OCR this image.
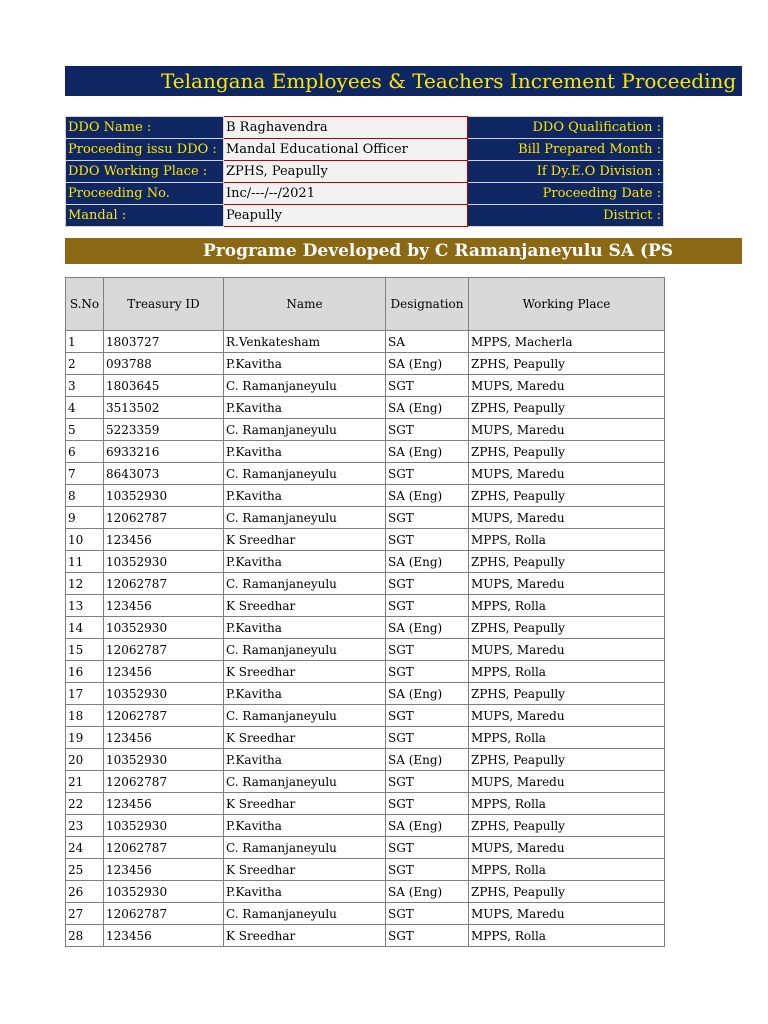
Telangana Employees & Teachers Increment Proceeding
DDO Name :	B Raghavendra	DDO Qualification :
Proceeding issu DDO :	Mandal Educational Officer	Bill Prepared Month :
DDO Working Place :	ZPHS, Peapully	If Dy.E.O Division :
Proceeding No.	Inc/---/--/2021	Proceeding Date :
Mandal :	Peapully	District :
Programe Developed by C Ramanjaneyulu SA (PS
S.No	Treasury ID	Name	Designation	Working Place
1	1803727	R.Venkatesham	SA	MPPS, Macherla
2	093788	P.Kavitha	SA (Eng)	ZPHS, Peapully
3	1803645	C. Ramanjaneyulu	SGT	MUPS, Maredu
4	3513502	P.Kavitha	SA (Eng)	ZPHS, Peapully
5	5223359	C. Ramanjaneyulu	SGT	MUPS, Maredu
6	6933216	P.Kavitha	SA (Eng)	ZPHS, Peapully
7	8643073	C. Ramanjaneyulu	SGT	MUPS, Maredu
8	10352930	P.Kavitha	SA (Eng)	ZPHS, Peapully
9	12062787	C. Ramanjaneyulu	SGT	MUPS, Maredu
10	123456	K Sreedhar	SGT	MPPS, Rolla
11	10352930	P.Kavitha	SA (Eng)	ZPHS, Peapully
12	12062787	C. Ramanjaneyulu	SGT	MUPS, Maredu
13	123456	K Sreedhar	SGT	MPPS, Rolla
14	10352930	P.Kavitha	SA (Eng)	ZPHS, Peapully
15	12062787	C. Ramanjaneyulu	SGT	MUPS, Maredu
16	123456	K Sreedhar	SGT	MPPS, Rolla
17	10352930	P.Kavitha	SA (Eng)	ZPHS, Peapully
18	12062787	C. Ramanjaneyulu	SGT	MUPS, Maredu
19	123456	K Sreedhar	SGT	MPPS, Rolla
20	10352930	P.Kavitha	SA (Eng)	ZPHS, Peapully
21	12062787	C. Ramanjaneyulu	SGT	MUPS, Maredu
22	123456	K Sreedhar	SGT	MPPS, Rolla
23	10352930	P.Kavitha	SA (Eng)	ZPHS, Peapully
24	12062787	C. Ramanjaneyulu	SGT	MUPS, Maredu
25	123456	K Sreedhar	SGT	MPPS, Rolla
26	10352930	P.Kavitha	SA (Eng)	ZPHS, Peapully
27	12062787	C. Ramanjaneyulu	SGT	MUPS, Maredu
28	123456	K Sreedhar	SGT	MPPS, Rolla
